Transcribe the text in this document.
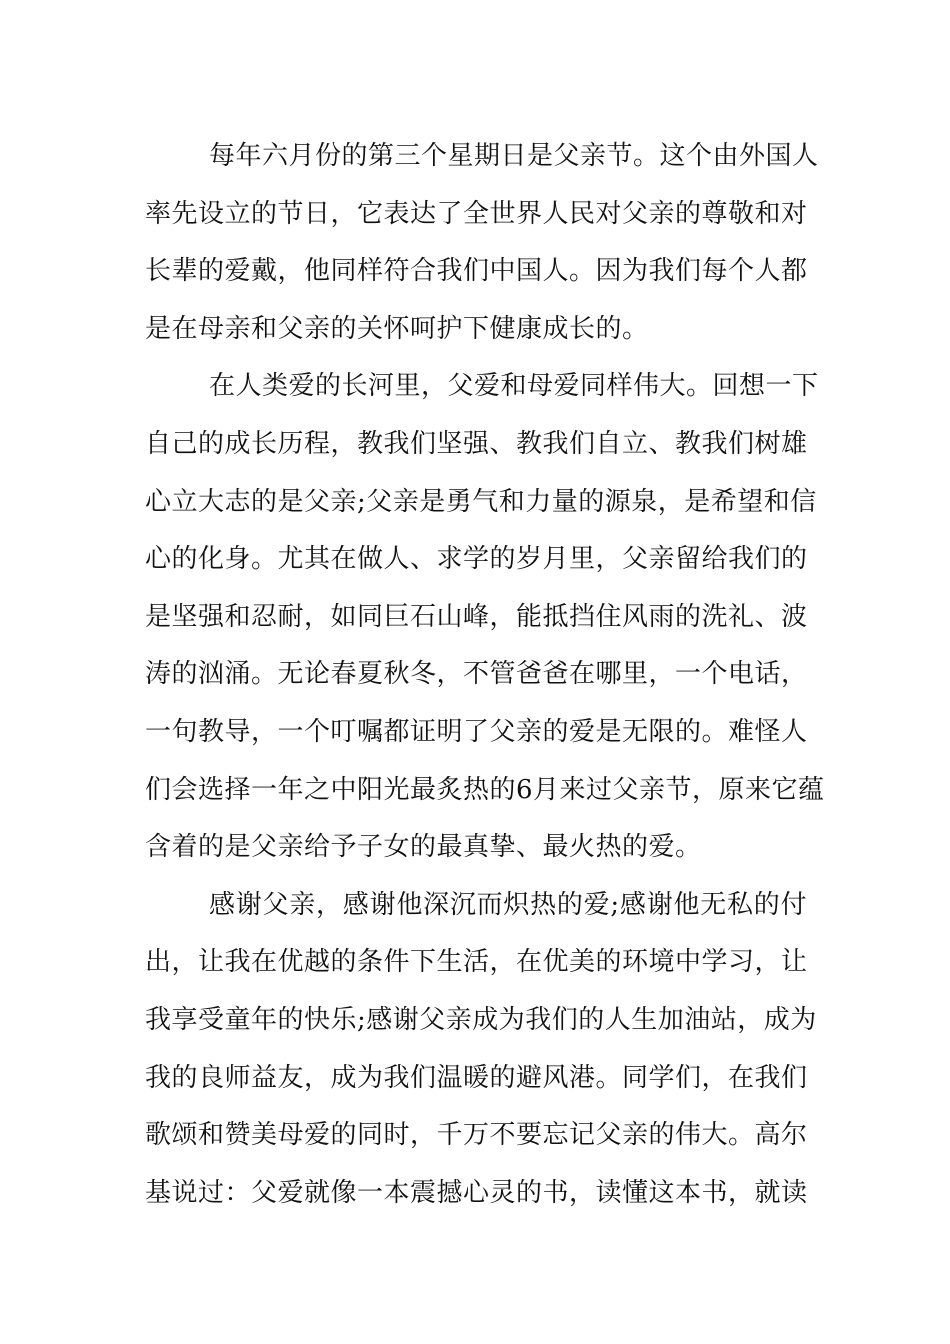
每年六月份的第三个星期日是父亲节。这个由外国人
率先设立的节日，它表达了全世界人民对父亲的尊敬和对
长辈的爱戴，他同样符合我们中国人。因为我们每个人都
是在母亲和父亲的关怀呵护下健康成长的。
在人类爱的长河里，父爱和母爱同样伟大。回想一下
自己的成长历程，教我们坚强、教我们自立、教我们树雄
心立大志的是父亲;父亲是勇气和力量的源泉，是希望和信
心的化身。尤其在做人、求学的岁月里，父亲留给我们的
是坚强和忍耐，如同巨石山峰，能抵挡住风雨的洗礼、波
涛的汹涌。无论春夏秋冬，不管爸爸在哪里，一个电话，
一句教导，一个叮嘱都证明了父亲的爱是无限的。难怪人
们会选择一年之中阳光最炙热的6月来过父亲节，原来它蕴
含着的是父亲给予子女的最真挚、最火热的爱。
感谢父亲，感谢他深沉而炽热的爱;感谢他无私的付
出，让我在优越的条件下生活，在优美的环境中学习，让
我享受童年的快乐;感谢父亲成为我们的人生加油站，成为
我的良师益友，成为我们温暖的避风港。同学们，在我们
歌颂和赞美母爱的同时，千万不要忘记父亲的伟大。高尔
基说过：父爱就像一本震撼心灵的书，读懂这本书，就读
